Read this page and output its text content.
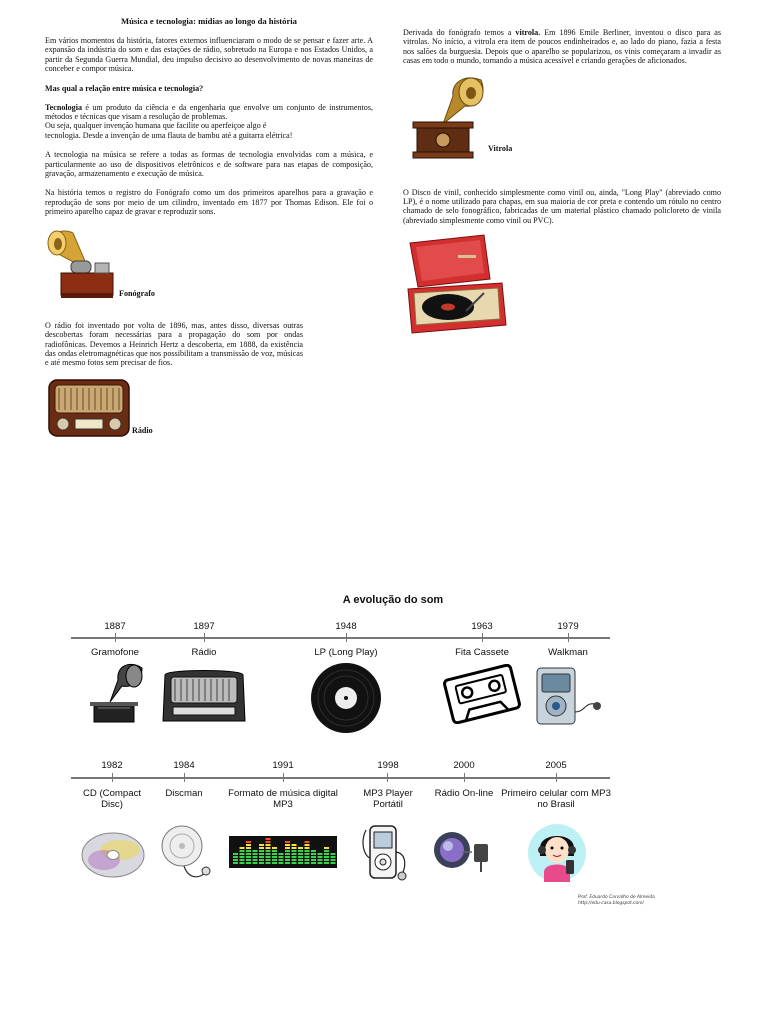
Música e tecnologia: mídias ao longo da história

Em vários momentos da história, fatores externos influenciaram o modo de se pensar e fazer arte. A expansão da indústria do som e das estações de rádio, sobretudo na Europa e nos Estados Unidos, a partir da Segunda Guerra Mundial, deu impulso decisivo ao desenvolvimento de novas maneiras de conceber e compor música.

Mas qual a relação entre música e tecnologia?

Tecnologia é um produto da ciência e da engenharia que envolve um conjunto de instrumentos, métodos e técnicas que visam a resolução de problemas.

Ou seja, qualquer invenção humana que facilite ou aperfeiçoe algo é tecnologia. Desde a invenção de uma flauta de bambu até a guitarra elétrica!

A tecnologia na música se refere a todas as formas de tecnologia envolvidas com a música, e particularmente ao uso de dispositivos eletrônicos e de software para nas etapas de composição, gravação, armazenamento e execução de música.

Na história temos o registro do Fonógrafo como um dos primeiros aparelhos para a gravação e reprodução de sons por meio de um cilindro, inventado em 1877 por Thomas Edison. Ele foi o primeiro aparelho capaz de gravar e reproduzir sons.

Fonógrafo

O rádio foi inventado por volta de 1896, mas, antes disso, diversas outras descobertas foram necessárias para a propagação do som por ondas radiofônicas. Devemos a Heinrich Hertz a descoberta, em 1888, da existência das ondas eletromagnéticas que nos possibilitam a transmissão de voz, músicas e até mesmo fotos sem precisar de fios.

Rádio

Derivada do fonógrafo temos a vitrola. Em 1896 Emile Berliner, inventou o disco para as vitrolas. No início, a vitrola era item de poucos endinheirados e, ao lado do piano, fazia a festa nos salões da burguesia. Depois que o aparelho se popularizou, os vinis começaram a invadir as casas em todo o mundo, tornando a música acessível e criando gerações de aficionados.

Vitrola

O Disco de vinil, conhecido simplesmente como vinil ou, ainda, "Long Play" (abreviado como LP), é o nome utilizado para chapas, em sua maioria de cor preta e contendo um rótulo no centro chamado de selo fonográfico, fabricadas de um material plástico chamado policloreto de vinila (abreviado simplesmente como vinil ou PVC).

A evolução do som
1887
Gramofone
1897
Rádio
1948
LP (Long Play)
1963
Fita Cassete
1979
Walkman
1982
CD (Compact Disc)
1984
Discman
1991
Formato de música digital MP3
1998
MP3 Player Portátil
2000
Rádio On-line
2005
Primeiro celular com MP3 no Brasil
Prof. Eduardo Carvalho de Almeida
http://edu-casa.blogspot.com/
